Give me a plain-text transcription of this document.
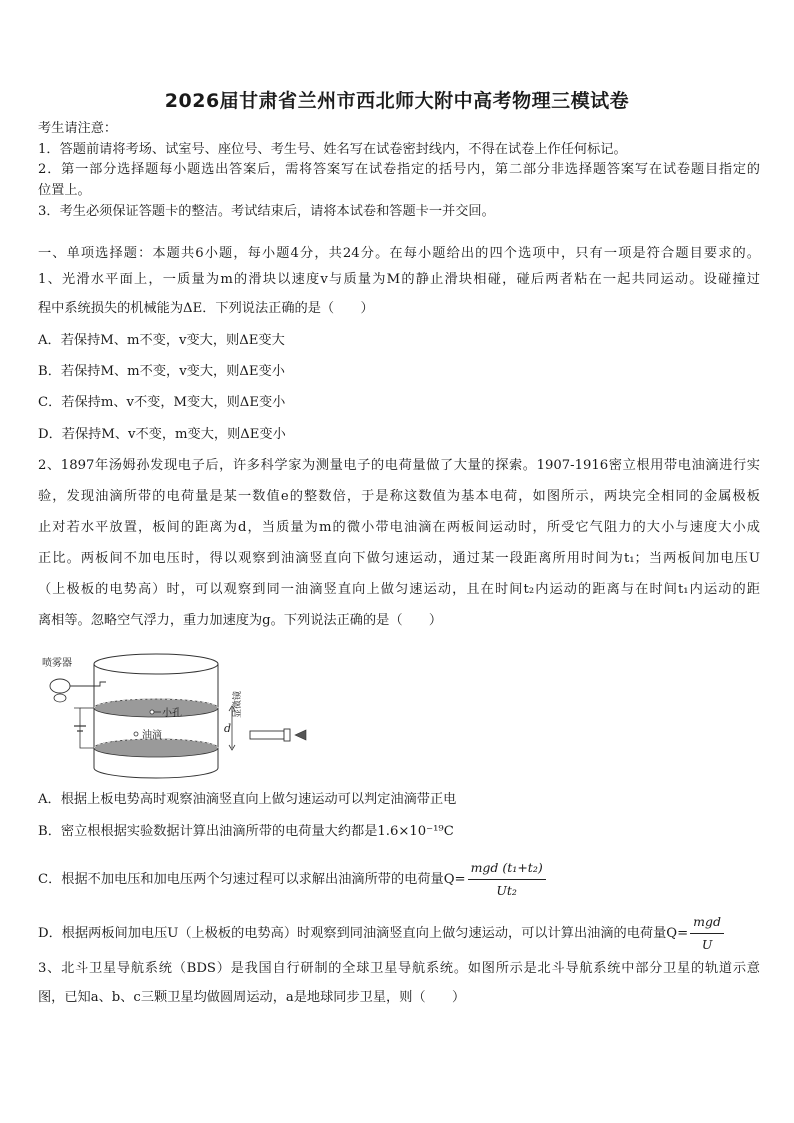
2026届甘肃省兰州市西北师大附中高考物理三模试卷
考生请注意：
1．答题前请将考场、试室号、座位号、考生号、姓名写在试卷密封线内，不得在试卷上作任何标记。
2．第一部分选择题每小题选出答案后，需将答案写在试卷指定的括号内，第二部分非选择题答案写在试卷题目指定的
位置上。
3．考生必须保证答题卡的整洁。考试结束后，请将本试卷和答题卡一并交回。
一、单项选择题：本题共6小题，每小题4分，共24分。在每小题给出的四个选项中，只有一项是符合题目要求的。
1、光滑水平面上，一质量为m的滑块以速度v与质量为M的静止滑块相碰，碰后两者粘在一起共同运动。设碰撞过
程中系统损失的机械能为ΔE．下列说法正确的是（　　）
A．若保持M、m不变，v变大，则ΔE变大
B．若保持M、m不变，v变大，则ΔE变小
C．若保持m、v不变，M变大，则ΔE变小
D．若保持M、v不变，m变大，则ΔE变小
2、1897年汤姆孙发现电子后，许多科学家为测量电子的电荷量做了大量的探索。1907-1916密立根用带电油滴进行实
验，发现油滴所带的电荷量是某一数值e的整数倍，于是称这数值为基本电荷，如图所示，两块完全相同的金属极板
止对若水平放置，板间的距离为d，当质量为m的微小带电油滴在两板间运动时，所受它气阻力的大小与速度大小成
正比。两板间不加电压时，得以观察到油滴竖直向下做匀速运动，通过某一段距离所用时间为t₁；当两板间加电压U
（上极板的电势高）时，可以观察到同一油滴竖直向上做匀速运动，且在时间t₂内运动的距离与在时间t₁内运动的距
离相等。忽略空气浮力，重力加速度为g。下列说法正确的是（　　）
小孔
油滴
喷雾器
d
显微镜
A．根据上板电势高时观察油滴竖直向上做匀速运动可以判定油滴带正电
B．密立根根据实验数据计算出油滴所带的电荷量大约都是1.6×10⁻¹⁹C
C．根据不加电压和加电压两个匀速过程可以求解出油滴所带的电荷量$Q= \frac{\text{mgd (t₁+t₂)}}{\text{Ut₂}}$
D．根据两板间加电压U（上极板的电势高）时观察到同油滴竖直向上做匀速运动，可以计算出油滴的电荷量$Q= \frac{\text{mgd}}{U}$
3、北斗卫星导航系统（BDS）是我国自行研制的全球卫星导航系统。如图所示是北斗导航系统中部分卫星的轨道示意
图，已知a、b、c三颗卫星均做圆周运动，a是地球同步卫星，则（　　）
